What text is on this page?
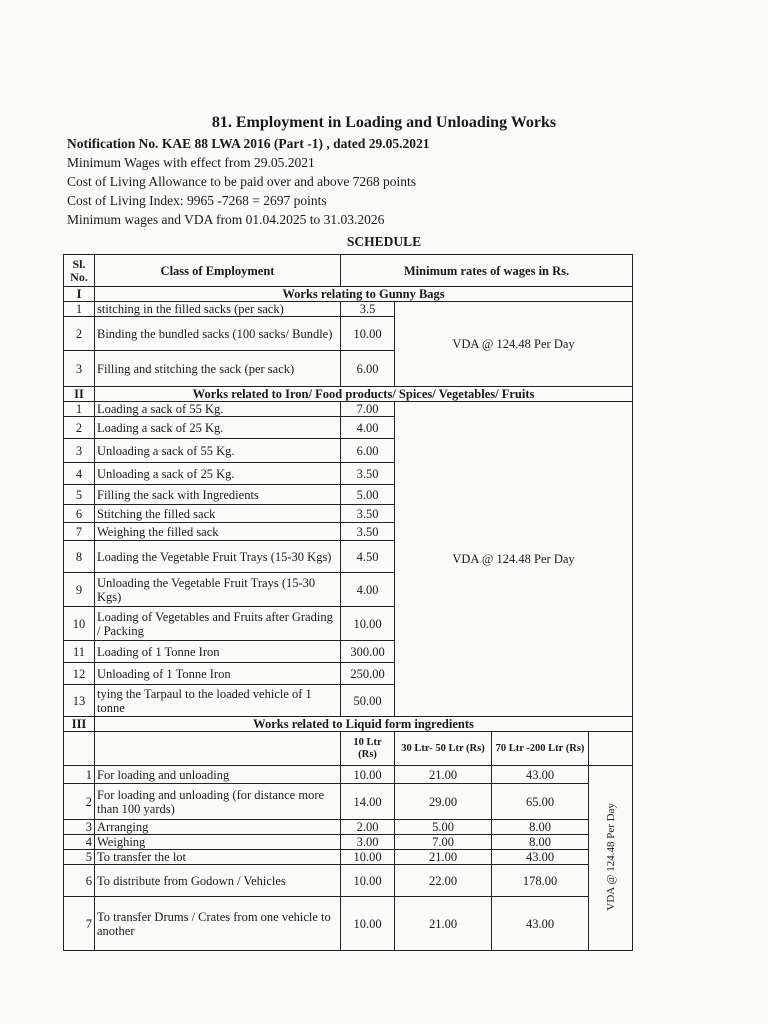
81. Employment in Loading and Unloading Works
Notification No. KAE 88 LWA 2016 (Part -1) , dated 29.05.2021
Minimum Wages with effect from 29.05.2021
Cost of Living Allowance to be paid over and above 7268 points
Cost of Living Index: 9965 -7268 = 2697 points
Minimum wages and VDA from 01.04.2025 to 31.03.2026
SCHEDULE
Sl. No.	Class of Employment	Minimum rates of wages in Rs.			
I	Works relating to Gunny Bags				
1	stitching in the filled sacks (per sack)	3.5	VDA @ 124.48 Per Day		
2	Binding the bundled sacks (100 sacks/ Bundle)	10.00			
3	Filling and stitching the sack (per sack)	6.00			
II	Works related to Iron/ Food products/ Spices/ Vegetables/ Fruits				
1	Loading a sack of 55 Kg.	7.00	VDA @ 124.48 Per Day		
2	Loading a sack of 25 Kg.	4.00			
3	Unloading a sack of 55 Kg.	6.00			
4	Unloading a sack of 25 Kg.	3.50			
5	Filling the sack with Ingredients	5.00			
6	Stitching the filled sack	3.50			
7	Weighing the filled sack	3.50			
8	Loading the Vegetable Fruit Trays (15-30 Kgs)	4.50			
9	Unloading the Vegetable Fruit Trays (15-30 Kgs)	4.00			
10	Loading of Vegetables and Fruits after Grading / Packing	10.00			
11	Loading of 1 Tonne Iron	300.00			
12	Unloading of 1 Tonne Iron	250.00			
13	tying the Tarpaul to the loaded vehicle of 1 tonne	50.00			
III	Works related to Liquid form ingredients				
		10 Ltr (Rs)	30 Ltr- 50 Ltr (Rs)	70 Ltr -200 Ltr (Rs)	
1	For loading and unloading	10.00	21.00	43.00	VDA @ 124.48 Per Day
2	For loading and unloading (for distance more than 100 yards)	14.00	29.00	65.00	
3	Arranging	2.00	5.00	8.00	
4	Weighing	3.00	7.00	8.00	
5	To transfer the lot	10.00	21.00	43.00	
6	To distribute from Godown / Vehicles	10.00	22.00	178.00	
7	To transfer Drums / Crates from one vehicle to another	10.00	21.00	43.00	
